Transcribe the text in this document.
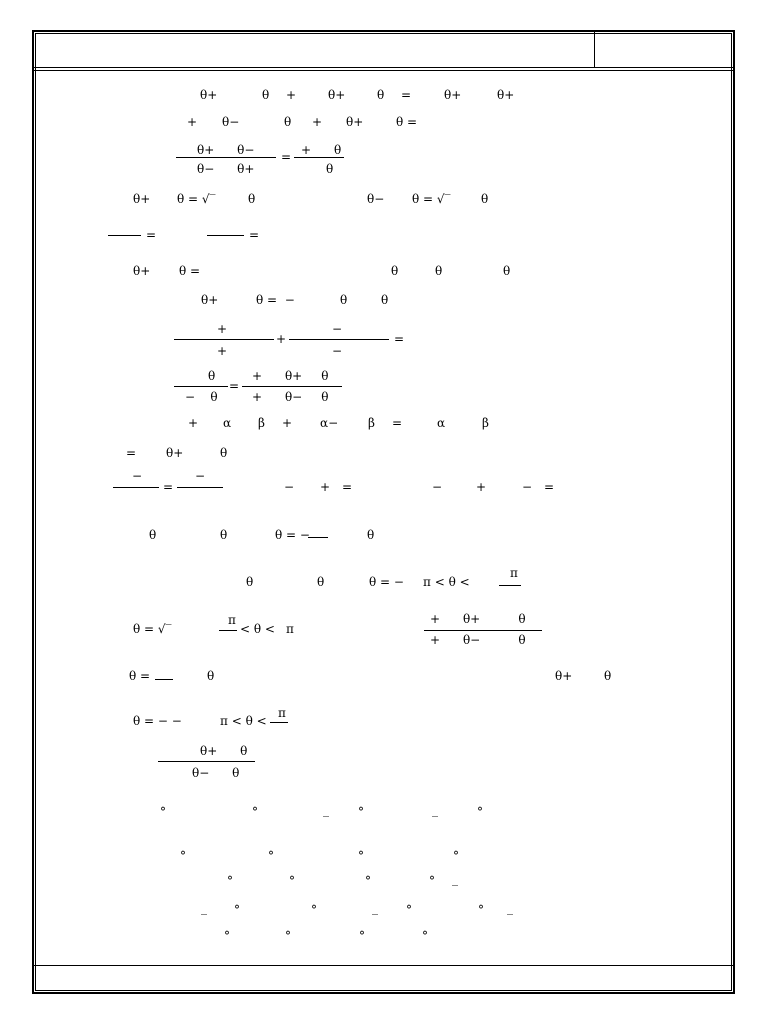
θ+	θ +	θ+	θ =	θ+	θ+
+ θ−	θ + θ+	θ =
θ+      θ−
θ−      θ+
= +      θ
θ
θ+ θ = √‾	θ	θ− θ = √‾	θ
=	=
θ+ θ =	θ	θ	θ
θ+	θ =  −	θ	θ
+
+
+
−
−
=
θ
−    θ
=
+      θ+     θ
+      θ−     θ
+ α β + α− β =	α	β
= θ+	θ
−
=
−
− + =	−	+	− =
θ	θ	θ = −	θ
θ	θ	θ = − π < θ <
π
θ = √‾
π
< θ < π
+      θ+          θ
+      θ−          θ
θ =	θ	θ+	θ
θ = − −	π < θ <
π
θ+      θ
θ−      θ
°	°	_ °	_	°
°	°	°	°
°	°	°	° _
_ °	°	_ °	° _
°	°	°	°
